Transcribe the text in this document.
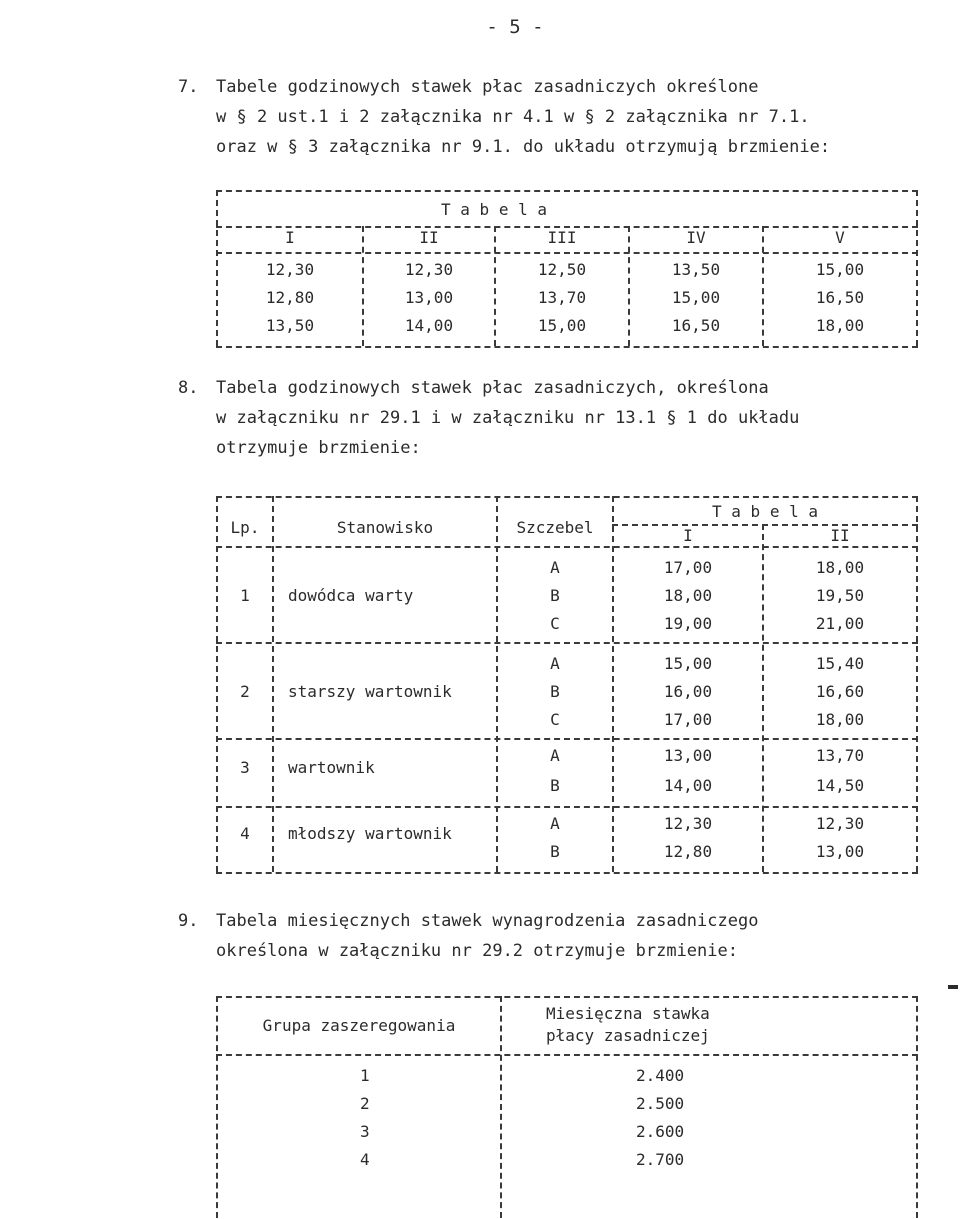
- 5 -
7. Tabele godzinowych stawek płac zasadniczych określone
w § 2 ust.1 i 2 załącznika nr 4.1 w § 2 załącznika nr 7.1.
oraz w § 3 załącznika nr 9.1. do układu otrzymują brzmienie:
T a b e l a
I	II	III	IV	V
12,30	12,30	12,50	13,50	15,00
12,80	13,00	13,70	15,00	16,50
13,50	14,00	15,00	16,50	18,00
8. Tabela godzinowych stawek płac zasadniczych, określona
w załączniku nr 29.1 i w załączniku nr 13.1 § 1 do układu
otrzymuje brzmienie:
Lp.	Stanowisko	Szczebel
T a b e l a
I	II
1	dowódca warty
A	17,00	18,00
B	18,00	19,50
C	19,00	21,00
2	starszy wartownik
A	15,00	15,40
B	16,00	16,60
C	17,00	18,00
3	wartownik
A	13,00	13,70
B	14,00	14,50
4	młodszy wartownik
A	12,30	12,30
B	12,80	13,00
9. Tabela miesięcznych stawek wynagrodzenia zasadniczego
określona w załączniku nr 29.2 otrzymuje brzmienie:
Grupa zaszeregowania
Miesięczna stawka
płacy zasadniczej
1	2.400
2	2.500
3	2.600
4	2.700
